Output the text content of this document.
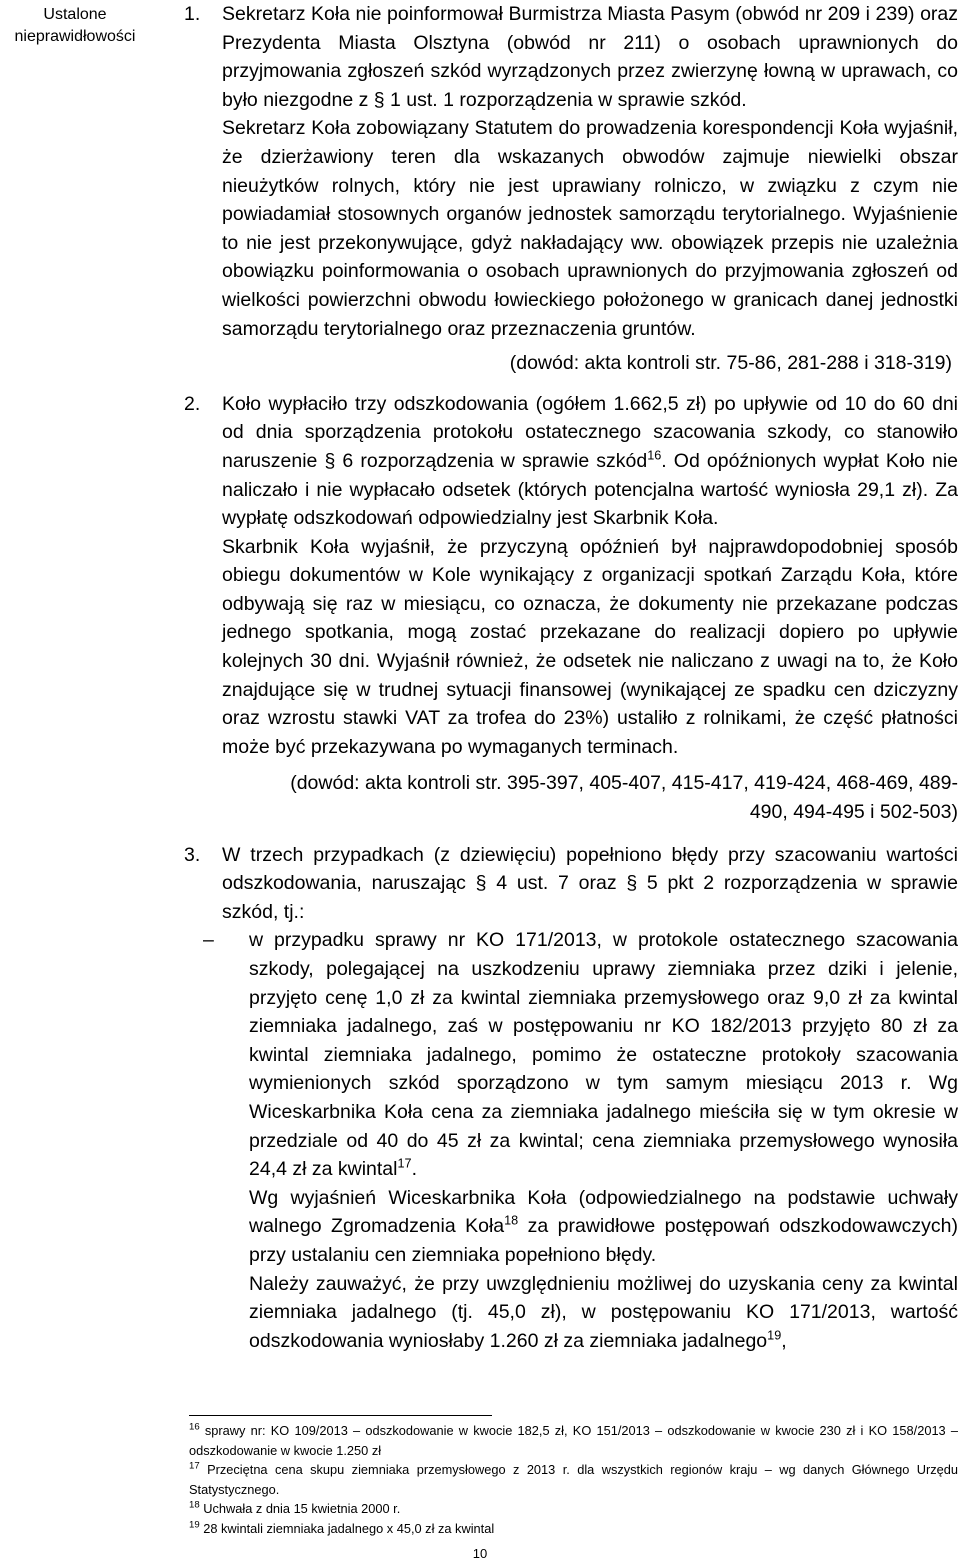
Ustalone nieprawidłowości
1. Sekretarz Koła nie poinformował Burmistrza Miasta Pasym (obwód nr 209 i 239) oraz Prezydenta Miasta Olsztyna (obwód nr 211) o osobach uprawnionych do przyjmowania zgłoszeń szkód wyrządzonych przez zwierzynę łowną w uprawach, co było niezgodne z § 1 ust. 1 rozporządzenia w sprawie szkód.

Sekretarz Koła zobowiązany Statutem do prowadzenia korespondencji Koła wyjaśnił, że dzierżawiony teren dla wskazanych obwodów zajmuje niewielki obszar nieużytków rolnych, który nie jest uprawiany rolniczo, w związku z czym nie powiadamiał stosownych organów jednostek samorządu terytorialnego. Wyjaśnienie to nie jest przekonywujące, gdyż nakładający ww. obowiązek przepis nie uzależnia obowiązku poinformowania o osobach uprawnionych do przyjmowania zgłoszeń od wielkości powierzchni obwodu łowieckiego położonego w granicach danej jednostki samorządu terytorialnego oraz przeznaczenia gruntów.

(dowód: akta kontroli str. 75-86, 281-288 i 318-319)

2. Koło wypłaciło trzy odszkodowania (ogółem 1.662,5 zł) po upływie od 10 do 60 dni od dnia sporządzenia protokołu ostatecznego szacowania szkody, co stanowiło naruszenie § 6 rozporządzenia w sprawie szkód$^{16}$. Od opóźnionych wypłat Koło nie naliczało i nie wypłacało odsetek (których potencjalna wartość wyniosła 29,1 zł). Za wypłatę odszkodowań odpowiedzialny jest Skarbnik Koła.

Skarbnik Koła wyjaśnił, że przyczyną opóźnień był najprawdopodobniej sposób obiegu dokumentów w Kole wynikający z organizacji spotkań Zarządu Koła, które odbywają się raz w miesiącu, co oznacza, że dokumenty nie przekazane podczas jednego spotkania, mogą zostać przekazane do realizacji dopiero po upływie kolejnych 30 dni. Wyjaśnił również, że odsetek nie naliczano z uwagi na to, że Koło znajdujące się w trudnej sytuacji finansowej (wynikającej ze spadku cen dziczyzny oraz wzrostu stawki VAT za trofea do 23%) ustaliło z rolnikami, że część płatności może być przekazywana po wymaganych terminach.

(dowód: akta kontroli str. 395-397, 405-407, 415-417, 419-424, 468-469, 489-
490, 494-495 i 502-503)
3. W trzech przypadkach (z dziewięciu) popełniono błędy przy szacowaniu wartości odszkodowania, naruszając § 4 ust. 7 oraz § 5 pkt 2 rozporządzenia w sprawie szkód, tj.:

– w przypadku sprawy nr KO 171/2013, w protokole ostatecznego szacowania szkody, polegającej na uszkodzeniu uprawy ziemniaka przez dziki i jelenie, przyjęto cenę 1,0 zł za kwintal ziemniaka przemysłowego oraz 9,0 zł za kwintal ziemniaka jadalnego, zaś w postępowaniu nr KO 182/2013 przyjęto 80 zł za kwintal ziemniaka jadalnego, pomimo że ostateczne protokoły szacowania wymienionych szkód sporządzono w tym samym miesiącu 2013 r. Wg Wiceskarbnika Koła cena za ziemniaka jadalnego mieściła się w tym okresie w przedziale od 40 do 45 zł za kwintal; cena ziemniaka przemysłowego wynosiła 24,4 zł za kwintal$^{17}$.

Wg wyjaśnień Wiceskarbnika Koła (odpowiedzialnego na podstawie uchwały walnego Zgromadzenia Koła$^{18}$ za prawidłowe postępowań odszkodowawczych) przy ustalaniu cen ziemniaka popełniono błędy.

Należy zauważyć, że przy uwzględnieniu możliwej do uzyskania ceny za kwintal ziemniaka jadalnego (tj. 45,0 zł), w postępowaniu KO 171/2013, wartość odszkodowania wyniosłaby 1.260 zł za ziemniaka jadalnego$^{19}$,

$^{16}$ sprawy nr: KO 109/2013 – odszkodowanie w kwocie 182,5 zł, KO 151/2013 – odszkodowanie w kwocie 230 zł i KO 158/2013 – odszkodowanie w kwocie 1.250 zł
$^{17}$ Przeciętna cena skupu ziemniaka przemysłowego z 2013 r. dla wszystkich regionów kraju – wg danych Głównego Urzędu Statystycznego.
$^{18}$ Uchwała z dnia 15 kwietnia 2000 r.
$^{19}$ 28 kwintali ziemniaka jadalnego x 45,0 zł za kwintal
10
